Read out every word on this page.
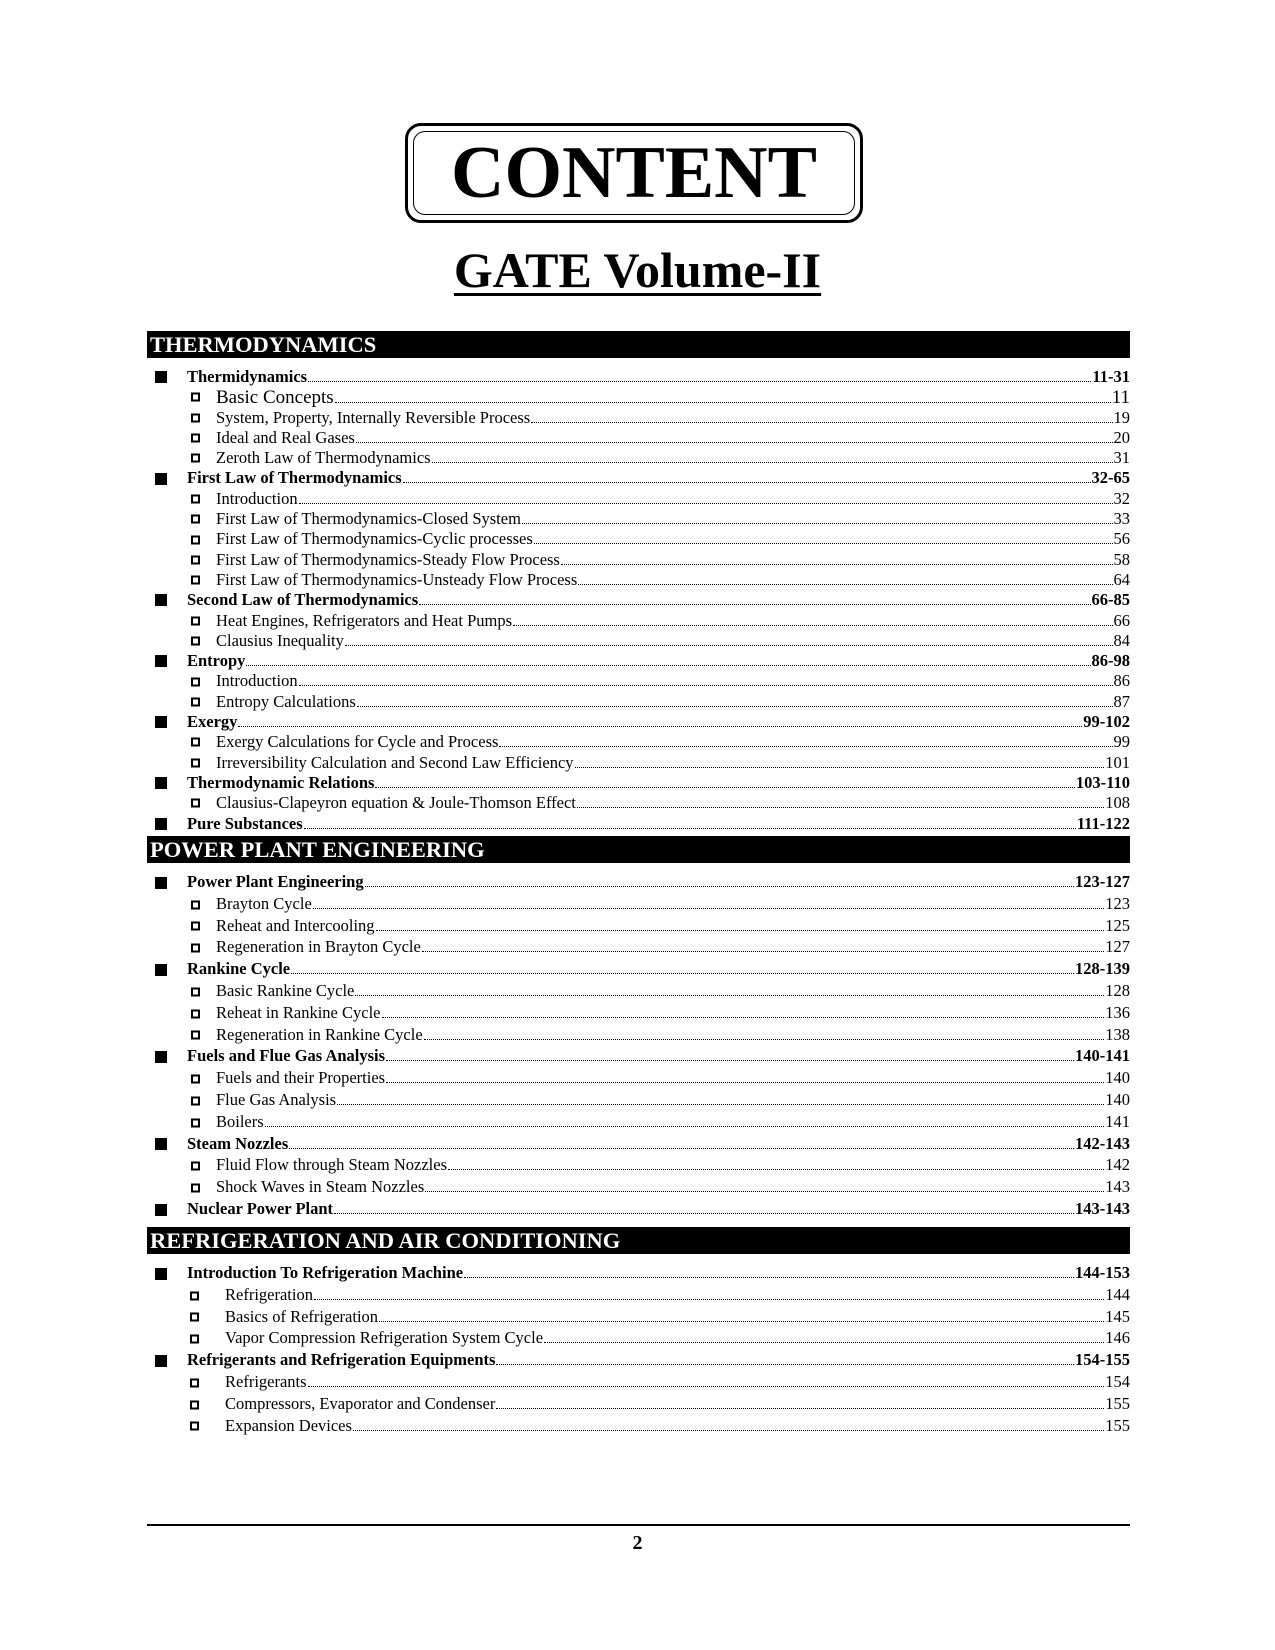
CONTENT
GATE Volume-II
THERMODYNAMICS
Thermidynamics	11-31
Basic Concepts	11
System, Property, Internally Reversible Process	19
Ideal and Real Gases	20
Zeroth Law of Thermodynamics	31
First Law of Thermodynamics	32-65
Introduction	32
First Law of Thermodynamics-Closed System	33
First Law of Thermodynamics-Cyclic processes	56
First Law of Thermodynamics-Steady Flow Process	58
First Law of Thermodynamics-Unsteady Flow Process	64
Second Law of Thermodynamics	66-85
Heat Engines, Refrigerators and Heat Pumps	66
Clausius Inequality	84
Entropy	86-98
Introduction	86
Entropy Calculations	87
Exergy	99-102
Exergy Calculations for Cycle and Process	99
Irreversibility Calculation and Second Law Efficiency	101
Thermodynamic Relations	103-110
Clausius-Clapeyron equation & Joule-Thomson Effect	108
Pure Substances	111-122
POWER PLANT ENGINEERING
Power Plant Engineering	123-127
Brayton Cycle	123
Reheat and Intercooling	125
Regeneration in Brayton Cycle	127
Rankine Cycle	128-139
Basic Rankine Cycle	128
Reheat in Rankine Cycle	136
Regeneration in Rankine Cycle	138
Fuels and Flue Gas Analysis	140-141
Fuels and their Properties	140
Flue Gas Analysis	140
Boilers	141
Steam Nozzles	142-143
Fluid Flow through Steam Nozzles	142
Shock Waves in Steam Nozzles	143
Nuclear Power Plant	143-143
REFRIGERATION AND AIR CONDITIONING
Introduction To Refrigeration Machine	144-153
Refrigeration	144
Basics of Refrigeration	145
Vapor Compression Refrigeration System Cycle	146
Refrigerants and Refrigeration Equipments	154-155
Refrigerants	154
Compressors, Evaporator and Condenser	155
Expansion Devices	155
2
